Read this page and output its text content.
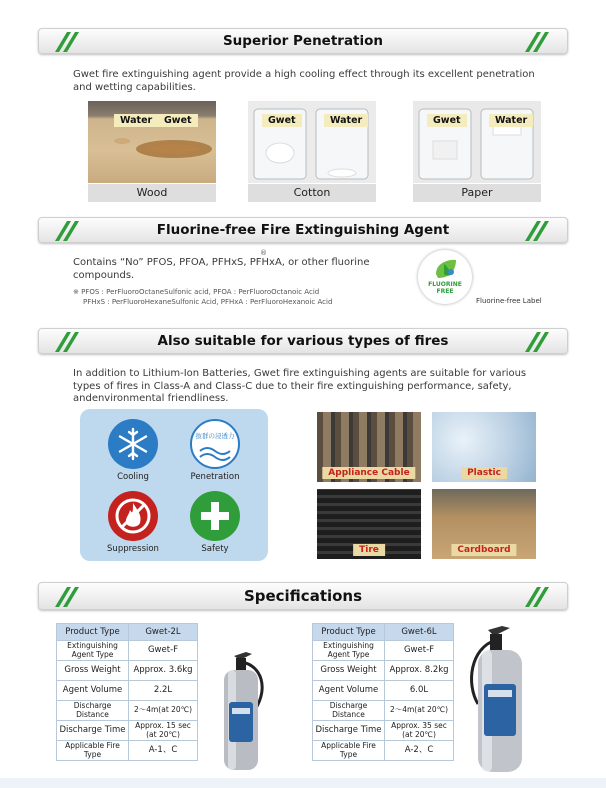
Superior Penetration
Gwet fire extinguishing agent provide a high cooling effect through its excellent penetration and wetting capabilities.
Water	Gwet
Wood
Gwet	Water
Cotton
Gwet	Water
Paper
Fluorine-free Fire Extinguishing Agent
Contains “No” PFOS, PFOA, PFHxS, PFHxA, or other fluorine compounds.
®
※ PFOS : PerFluoroOctaneSulfonic acid, PFOA : PerFluoroOctanoic Acid
PFHxS : PerFluoroHexaneSulfonic Acid, PFHxA : PerFluoroHexanoic Acid
FLUORINE
FREE
Fluorine-free Label
Also suitable for various types of fires
In addition to Lithium-Ion Batteries, Gwet fire extinguishing agents are suitable for various types of fires in Class-A and Class-C due to their fire extinguishing performance, safety, andenvironmental friendliness.
Cooling
抜群の浸透力
Penetration
Suppression	Safety
Appliance Cable	Plastic
Tire	Cardboard
Specifications
Product Type	Gwet-2L
Extinguishing Agent Type	Gwet-F
Gross Weight	Approx. 3.6kg
Agent Volume	2.2L
Discharge Distance	2〜4m(at 20℃)
Discharge Time	Approx. 15 sec (at 20℃)
Applicable Fire Type	A-1、C
Product Type	Gwet-6L
Extinguishing Agent Type	Gwet-F
Gross Weight	Approx. 8.2kg
Agent Volume	6.0L
Discharge Distance	2〜4m(at 20℃)
Discharge Time	Approx. 35 sec (at 20℃)
Applicable Fire Type	A-2、C
